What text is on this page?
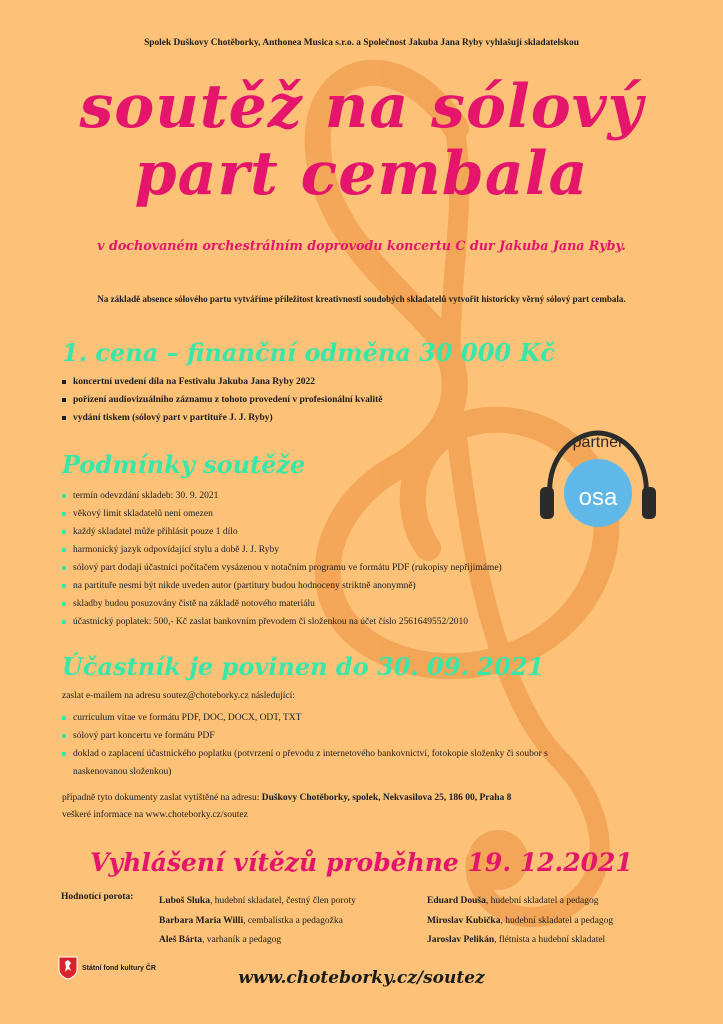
Spolek Duškovy Chotěborky, Anthonea Musica s.r.o. a Společnost Jakuba Jana Ryby vyhlašují skladatelskou
soutěž na sólový
part cembala
v dochovaném orchestrálním doprovodu koncertu C dur Jakuba Jana Ryby.
Na základě absence sólového partu vytváříme příležitost kreativnosti soudobých skladatelů vytvořit historicky věrný sólový part cembala.
1. cena – finanční odměna 30 000 Kč
koncertní uvedení díla na Festivalu Jakuba Jana Ryby 2022
pořízení audiovizuálního záznamu z tohoto provedení v profesionální kvalitě
vydání tiskem (sólový part v partituře J. J. Ryby)
Podmínky soutěže
termín odevzdání skladeb: 30. 9. 2021
věkový limit skladatelů není omezen
každý skladatel může přihlásit pouze 1 dílo
harmonický jazyk odpovídající stylu a době J. J. Ryby
sólový part dodají účastníci počítačem vysázenou v notačním programu ve formátu PDF (rukopisy nepřijímáme)
na partituře nesmí být nikde uveden autor (partitury budou hodnoceny striktně anonymně)
skladby budou posuzovány čistě na základě notového materiálu
účastnický poplatek: 500,- Kč zaslat bankovním převodem či složenkou na účet číslo 2561649552/2010
Účastník je povinen do 30. 09. 2021
zaslat e-mailem na adresu soutez@choteborky.cz následující:
curriculum vitae ve formátu PDF, DOC, DOCX, ODT, TXT
sólový part koncertu ve formátu PDF
doklad o zaplacení účastnického poplatku (potvrzení o převodu z internetového bankovnictví, fotokopie složenky či soubor s naskenovanou složenkou)
případně tyto dokumenty zaslat vytištěné na adresu: Duškovy Chotěborky, spolek, Nekvasilova 25, 186 00, Praha 8
veškeré informace na www.choteborky.cz/soutez
Vyhlášení vítězů proběhne 19. 12.2021
Hodnotící porota:	Luboš Sluka, hudební skladatel, čestný člen poroty
Barbara Maria Willi, cembalistka a pedagožka
Aleš Bárta, varhaník a pedagog
Eduard Douša, hudební skladatel a pedagog
Miroslav Kubička, hudební skladatel a pedagog
Jaroslav Pelikán, flétnista a hudební skladatel
Státní fond kultury ČR	www.choteborky.cz/soutez
partner
osa
